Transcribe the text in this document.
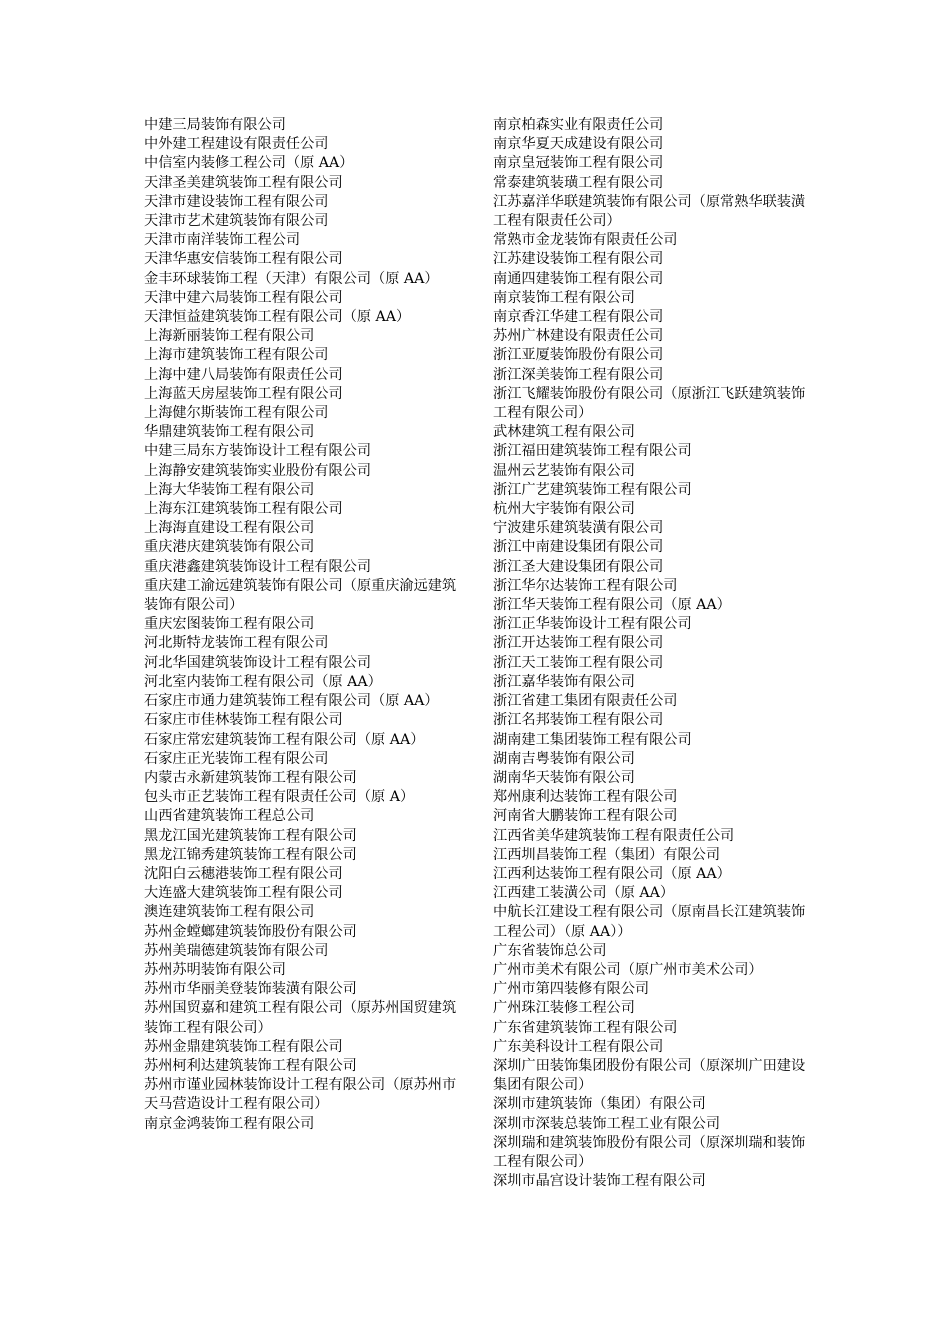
中建三局装饰有限公司
中外建工程建设有限责任公司
中信室内装修工程公司（原 AA）
天津圣美建筑装饰工程有限公司
天津市建设装饰工程有限公司
天津市艺术建筑装饰有限公司
天津市南洋装饰工程公司
天津华惠安信装饰工程有限公司
金丰环球装饰工程（天津）有限公司（原 AA）
天津中建六局装饰工程有限公司
天津恒益建筑装饰工程有限公司（原 AA）
上海新丽装饰工程有限公司
上海市建筑装饰工程有限公司
上海中建八局装饰有限责任公司
上海蓝天房屋装饰工程有限公司
上海健尔斯装饰工程有限公司
华鼎建筑装饰工程有限公司
中建三局东方装饰设计工程有限公司
上海静安建筑装饰实业股份有限公司
上海大华装饰工程有限公司
上海东江建筑装饰工程有限公司
上海海直建设工程有限公司
重庆港庆建筑装饰有限公司
重庆港鑫建筑装饰设计工程有限公司
重庆建工渝远建筑装饰有限公司（原重庆渝远建筑装饰有限公司）
重庆宏图装饰工程有限公司
河北斯特龙装饰工程有限公司
河北华国建筑装饰设计工程有限公司
河北室内装饰工程有限公司（原 AA）
石家庄市通力建筑装饰工程有限公司（原 AA）
石家庄市佳林装饰工程有限公司
石家庄常宏建筑装饰工程有限公司（原 AA）
石家庄正光装饰工程有限公司
内蒙古永新建筑装饰工程有限公司
包头市正艺装饰工程有限责任公司（原 A）
山西省建筑装饰工程总公司
黑龙江国光建筑装饰工程有限公司
黑龙江锦秀建筑装饰工程有限公司
沈阳白云穗港装饰工程有限公司
大连盛大建筑装饰工程有限公司
澳连建筑装饰工程有限公司
苏州金螳螂建筑装饰股份有限公司
苏州美瑞德建筑装饰有限公司
苏州苏明装饰有限公司
苏州市华丽美登装饰装潢有限公司
苏州国贸嘉和建筑工程有限公司（原苏州国贸建筑装饰工程有限公司）
苏州金鼎建筑装饰工程有限公司
苏州柯利达建筑装饰工程有限公司
苏州市谨业园林装饰设计工程有限公司（原苏州市天马营造设计工程有限公司）
南京金鸿装饰工程有限公司
南京柏森实业有限责任公司
南京华夏天成建设有限公司
南京皇冠装饰工程有限公司
常泰建筑装璜工程有限公司
江苏嘉洋华联建筑装饰有限公司（原常熟华联装潢工程有限责任公司）
常熟市金龙装饰有限责任公司
江苏建设装饰工程有限公司
南通四建装饰工程有限公司
南京装饰工程有限公司
南京香江华建工程有限公司
苏州广林建设有限责任公司
浙江亚厦装饰股份有限公司
浙江深美装饰工程有限公司
浙江飞耀装饰股份有限公司（原浙江飞跃建筑装饰工程有限公司）
武林建筑工程有限公司
浙江福田建筑装饰工程有限公司
温州云艺装饰有限公司
浙江广艺建筑装饰工程有限公司
杭州大宇装饰有限公司
宁波建乐建筑装潢有限公司
浙江中南建设集团有限公司
浙江圣大建设集团有限公司
浙江华尔达装饰工程有限公司
浙江华天装饰工程有限公司（原 AA）
浙江正华装饰设计工程有限公司
浙江开达装饰工程有限公司
浙江天工装饰工程有限公司
浙江嘉华装饰有限公司
浙江省建工集团有限责任公司
浙江名邦装饰工程有限公司
湖南建工集团装饰工程有限公司
湖南吉粤装饰有限公司
湖南华天装饰有限公司
郑州康利达装饰工程有限公司
河南省大鹏装饰工程有限公司
江西省美华建筑装饰工程有限责任公司
江西圳昌装饰工程（集团）有限公司
江西利达装饰工程有限公司（原 AA）
江西建工装潢公司（原 AA）
中航长江建设工程有限公司（原南昌长江建筑装饰工程公司）（原 AA））
广东省装饰总公司
广州市美术有限公司（原广州市美术公司）
广州市第四装修有限公司
广州珠江装修工程公司
广东省建筑装饰工程有限公司
广东美科设计工程有限公司
深圳广田装饰集团股份有限公司（原深圳广田建设集团有限公司）
深圳市建筑装饰（集团）有限公司
深圳市深装总装饰工程工业有限公司
深圳瑞和建筑装饰股份有限公司（原深圳瑞和装饰工程有限公司）
深圳市晶宫设计装饰工程有限公司
